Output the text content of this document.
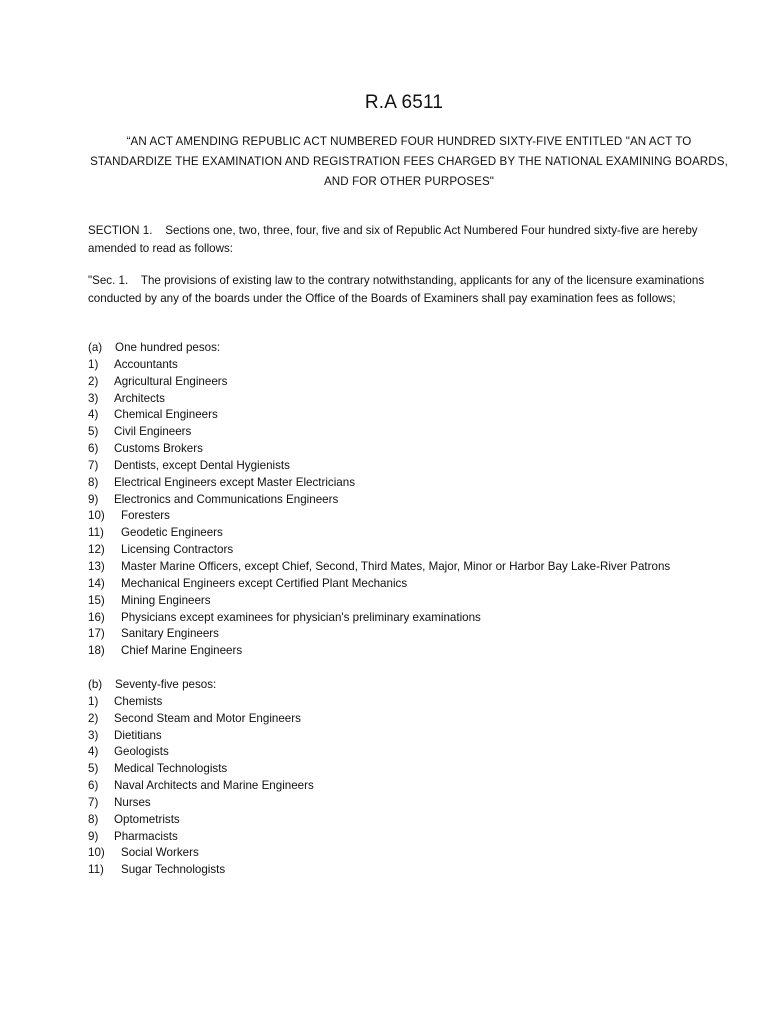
R.A 6511
“AN ACT AMENDING REPUBLIC ACT NUMBERED FOUR HUNDRED SIXTY-FIVE ENTITLED "AN ACT TO STANDARDIZE THE EXAMINATION AND REGISTRATION FEES CHARGED BY THE NATIONAL EXAMINING BOARDS, AND FOR OTHER PURPOSES"
SECTION 1.    Sections one, two, three, four, five and six of Republic Act Numbered Four hundred sixty-five are hereby amended to read as follows:
"Sec. 1.    The provisions of existing law to the contrary notwithstanding, applicants for any of the licensure examinations conducted by any of the boards under the Office of the Boards of Examiners shall pay examination fees as follows;
(a)    One hundred pesos:
1)	Accountants
2)	Agricultural Engineers
3)	Architects
4)	Chemical Engineers
5)	Civil Engineers
6)	Customs Brokers
7)	Dentists, except Dental Hygienists
8)	Electrical Engineers except Master Electricians
9)	Electronics and Communications Engineers
10)	Foresters
11)	Geodetic Engineers
12)	Licensing Contractors
13)	Master Marine Officers, except Chief, Second, Third Mates, Major, Minor or Harbor Bay Lake-River Patrons
14)	Mechanical Engineers except Certified Plant Mechanics
15)	Mining Engineers
16)	Physicians except examinees for physician's preliminary examinations
17)	Sanitary Engineers
18)	Chief Marine Engineers
(b)    Seventy-five pesos:
1)	Chemists
2)	Second Steam and Motor Engineers
3)	Dietitians
4)	Geologists
5)	Medical Technologists
6)	Naval Architects and Marine Engineers
7)	Nurses
8)	Optometrists
9)	Pharmacists
10)	Social Workers
11)	Sugar Technologists
